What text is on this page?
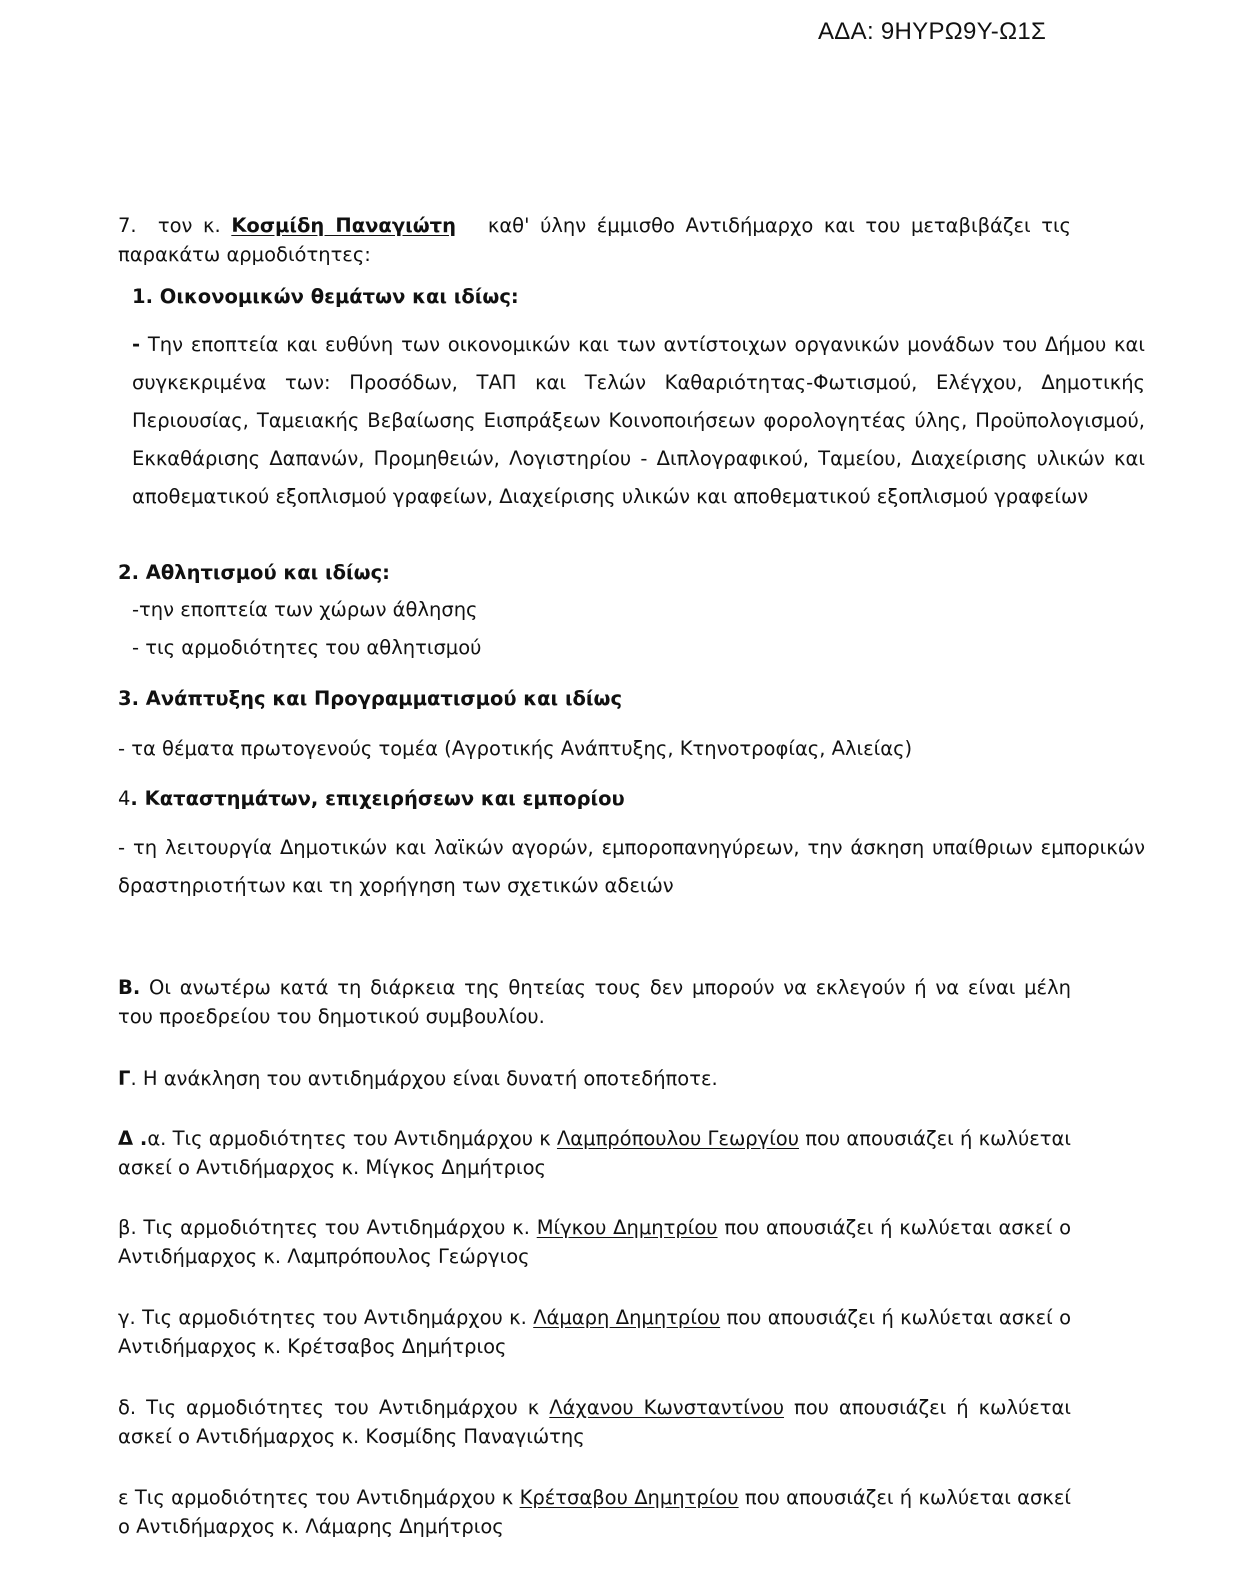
ΑΔΑ: 9ΗΥΡΩ9Υ-Ω1Σ
7.  τον κ. Κοσμίδη Παναγιώτη   καθ' ύλην έμμισθο Αντιδήμαρχο και του μεταβιβάζει τις παρακάτω αρμοδιότητες:
1. Οικονομικών θεμάτων και ιδίως:
- Την εποπτεία και ευθύνη των οικονομικών και των αντίστοιχων οργανικών μονάδων του Δήμου και συγκεκριμένα των: Προσόδων, ΤΑΠ και Τελών Καθαριότητας-Φωτισμού, Ελέγχου, Δημοτικής Περιουσίας, Ταμειακής Βεβαίωσης Εισπράξεων Κοινοποιήσεων φορολογητέας ύλης, Προϋπολογισμού, Εκκαθάρισης Δαπανών, Προμηθειών, Λογιστηρίου - Διπλογραφικού, Ταμείου, Διαχείρισης υλικών και αποθεματικού εξοπλισμού γραφείων, Διαχείρισης υλικών και αποθεματικού εξοπλισμού γραφείων
2. Αθλητισμού και ιδίως:
-την εποπτεία των χώρων άθλησης
- τις αρμοδιότητες του αθλητισμού
3. Ανάπτυξης και Προγραμματισμού και ιδίως
- τα θέματα πρωτογενούς τομέα (Αγροτικής Ανάπτυξης, Κτηνοτροφίας, Αλιείας)
4. Καταστημάτων, επιχειρήσεων και εμπορίου
- τη λειτουργία Δημοτικών και λαϊκών αγορών, εμποροπανηγύρεων, την άσκηση υπαίθριων εμπορικών δραστηριοτήτων και τη χορήγηση των σχετικών αδειών
Β. Οι ανωτέρω κατά τη διάρκεια της θητείας τους δεν μπορούν να εκλεγούν ή να είναι μέλη του προεδρείου του δημοτικού συμβουλίου.
Γ. Η ανάκληση του αντιδημάρχου είναι δυνατή οποτεδήποτε.
Δ .α. Τις αρμοδιότητες του Αντιδημάρχου κ Λαμπρόπουλου Γεωργίου που απουσιάζει ή κωλύεται ασκεί ο Αντιδήμαρχος κ. Μίγκος Δημήτριος
β. Τις αρμοδιότητες του Αντιδημάρχου κ. Μίγκου Δημητρίου που απουσιάζει ή κωλύεται ασκεί ο Αντιδήμαρχος κ. Λαμπρόπουλος Γεώργιος
γ. Τις αρμοδιότητες του Αντιδημάρχου κ. Λάμαρη Δημητρίου που απουσιάζει ή κωλύεται ασκεί ο Αντιδήμαρχος κ. Κρέτσαβος Δημήτριος
δ. Τις αρμοδιότητες του Αντιδημάρχου κ Λάχανου Κωνσταντίνου που απουσιάζει ή κωλύεται ασκεί ο Αντιδήμαρχος κ. Κοσμίδης Παναγιώτης
ε Τις αρμοδιότητες του Αντιδημάρχου κ Κρέτσαβου Δημητρίου που απουσιάζει ή κωλύεται ασκεί ο Αντιδήμαρχος κ. Λάμαρης Δημήτριος
